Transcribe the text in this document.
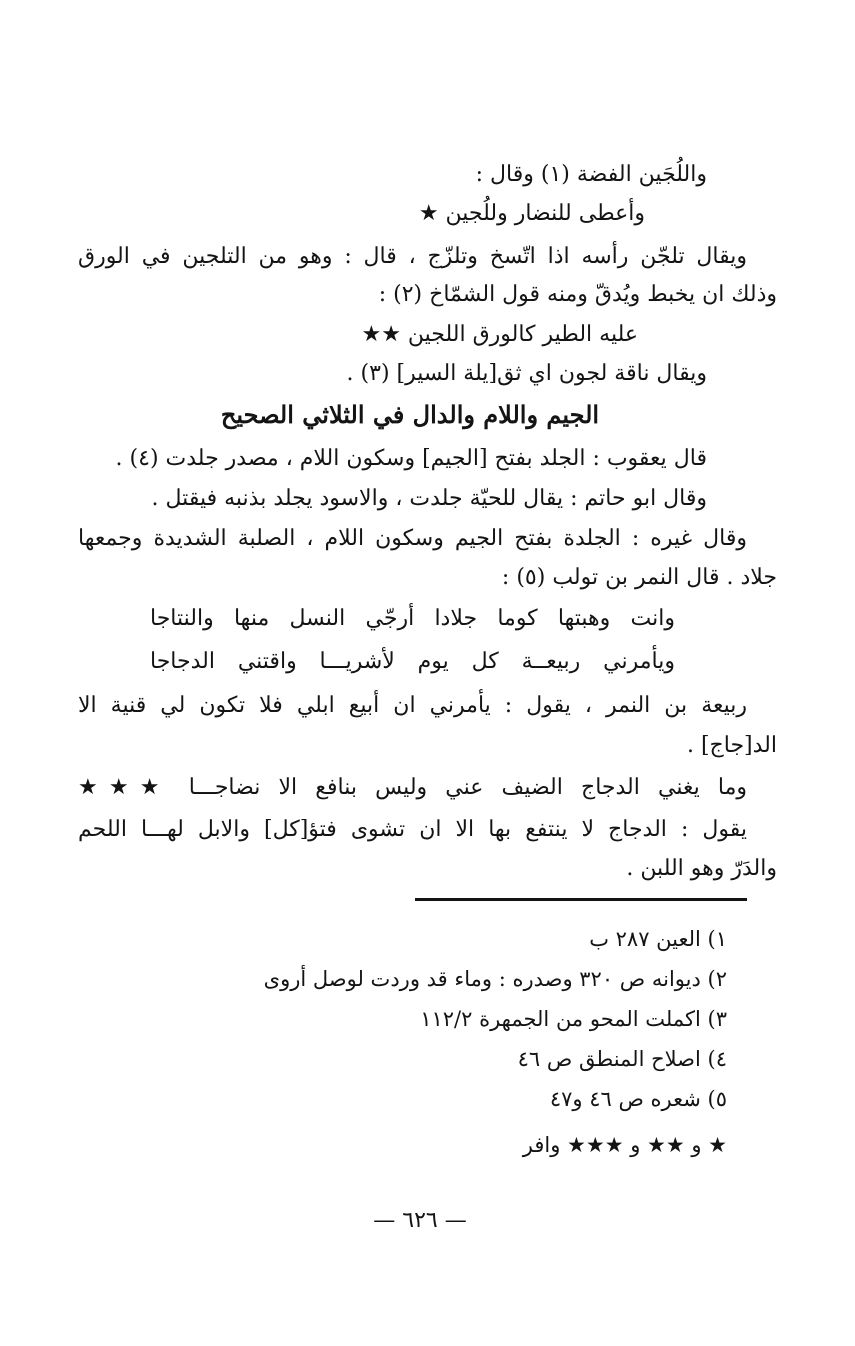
واللُجَين الفضة (١) وقال :
وأعطى للنضار وللُجين ★
ويقال تلجّن رأسه اذا اتّسخ وتلزّج ، قال : وهو من التلجين في الورق
وذلك ان يخبط ويُدقّ ومنه قول الشمّاخ (٢) :
عليه الطير كالورق اللجين ★★
ويقال ناقة لجون اي ثق[يلة السير] (٣) .
الجيم واللام والدال في الثلاثي الصحيح
قال يعقوب : الجلد بفتح [الجيم] وسكون اللام ، مصدر جلدت (٤) .
وقال ابو حاتم : يقال للحيّة جلدت ، والاسود يجلد بذنبه فيقتل .
وقال غيره : الجلدة بفتح الجيم وسكون اللام ، الصلبة الشديدة وجمعها
جلاد . قال النمر بن تولب (٥) :
وانت وهبتها كوما جلادا أرجّي النسل منها والنتاجا
ويأمرني ربيعــة كل يوم لأشريـــا واقتني الدجاجا
ربيعة بن النمر ، يقول : يأمرني ان أبيع ابلي فلا تكون لي قنية الا
الد[جاج] .
وما يغني الدجاج الضيف عني وليس بنافع الا نضاجـــا ★★★
يقول : الدجاج لا ينتفع بها الا ان تشوى فتؤ[كل] والابل لهـــا اللحم
والدَرّ وهو اللبن .
١) العين ٢٨٧ ب
٢) ديوانه ص ٣٢٠ وصدره : وماء قد وردت لوصل أروى
٣) اكملت المحو من الجمهرة ١١٢/٢
٤) اصلاح المنطق ص ٤٦
٥) شعره ص ٤٦ و٤٧
★ و ★★ و ★★★ وافر
— ٦٢٦ —
